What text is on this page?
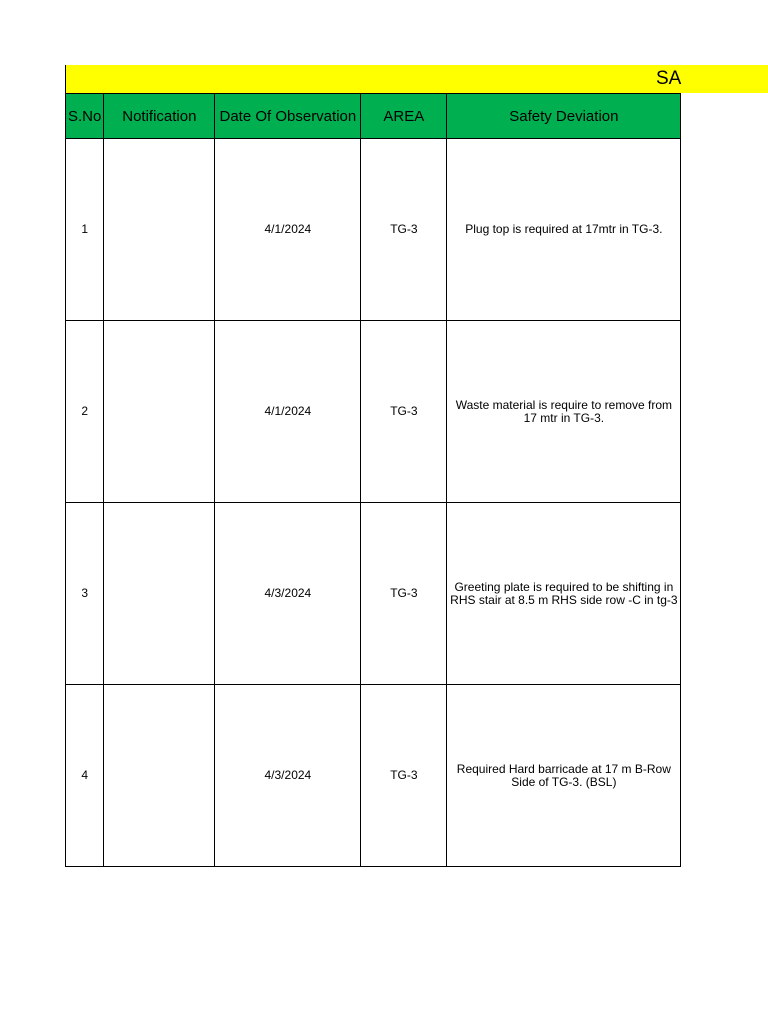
SA
S.No	Notification	Date Of Observation	AREA	Safety Deviation
1		4/1/2024	TG-3	Plug top is required at 17mtr in TG-3.
2		4/1/2024	TG-3	Waste material is require to remove from 17 mtr in TG-3.
3		4/3/2024	TG-3	Greeting plate is required to be shifting in RHS stair at 8.5 m RHS side row -C in tg-3
4		4/3/2024	TG-3	Required Hard barricade at 17 m B-Row Side of TG-3. (BSL)
